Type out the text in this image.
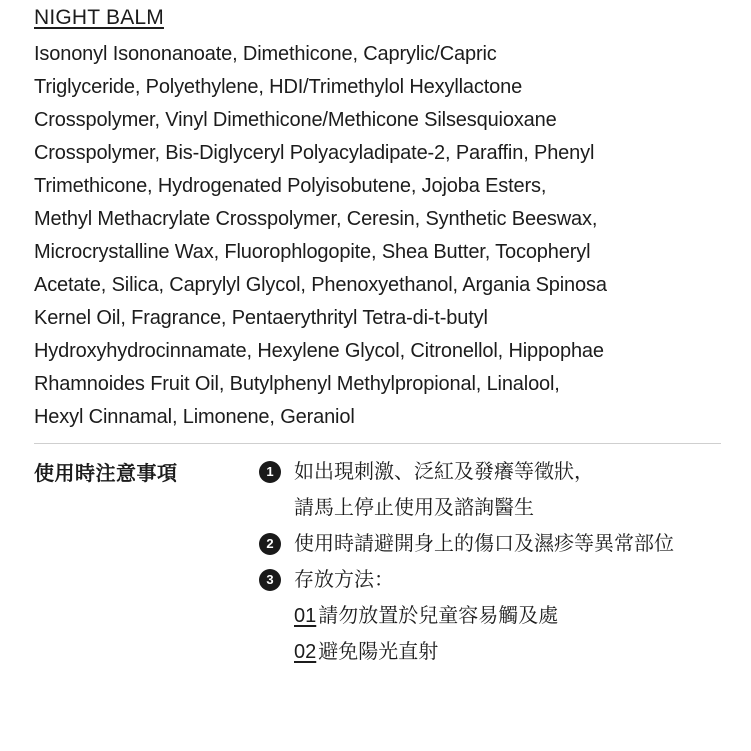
NIGHT BALM
Isononyl Isononanoate, Dimethicone, Caprylic/Capric
Triglyceride, Polyethylene, HDI/Trimethylol Hexyllactone
Crosspolymer, Vinyl Dimethicone/Methicone Silsesquioxane
Crosspolymer, Bis-Diglyceryl Polyacyladipate-2, Paraffin, Phenyl
Trimethicone, Hydrogenated Polyisobutene, Jojoba Esters,
Methyl Methacrylate Crosspolymer, Ceresin, Synthetic Beeswax,
Microcrystalline Wax, Fluorophlogopite, Shea Butter, Tocopheryl
Acetate, Silica, Caprylyl Glycol, Phenoxyethanol, Argania Spinosa
Kernel Oil, Fragrance, Pentaerythrityl Tetra-di-t-butyl
Hydroxyhydrocinnamate, Hexylene Glycol, Citronellol, Hippophae
Rhamnoides Fruit Oil, Butylphenyl Methylpropional, Linalool,
Hexyl Cinnamal, Limonene, Geraniol
使用時注意事項	1 如出現刺激、泛紅及發癢等徵狀，
請馬上停止使用及諮詢醫生
2 使用時請避開身上的傷口及濕疹等異常部位
3 存放方法：
01 請勿放置於兒童容易觸及處
02 避免陽光直射
